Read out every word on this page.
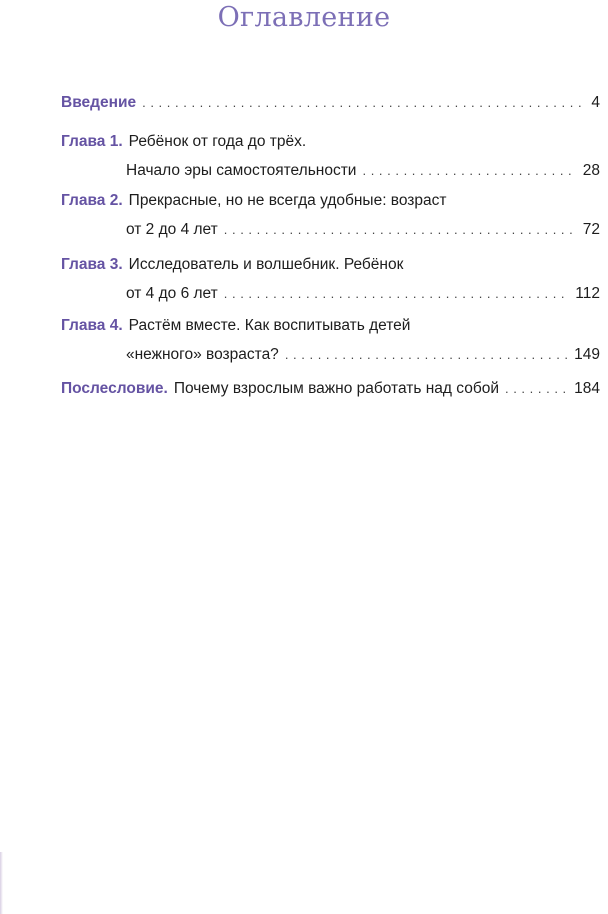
Оглавление
Введение . . .	4
Глава 1. Ребёнок от года до трёх.
Начало эры самостоятельности . . .	28
Глава 2. Прекрасные, но не всегда удобные: возраст
от 2 до 4 лет . . .	72
Глава 3. Исследователь и волшебник. Ребёнок
от 4 до 6 лет . . .	112
Глава 4. Растём вместе. Как воспитывать детей
«нежного» возраста? . . .	149
Послесловие. Почему взрослым важно работать над собой . . .	184
